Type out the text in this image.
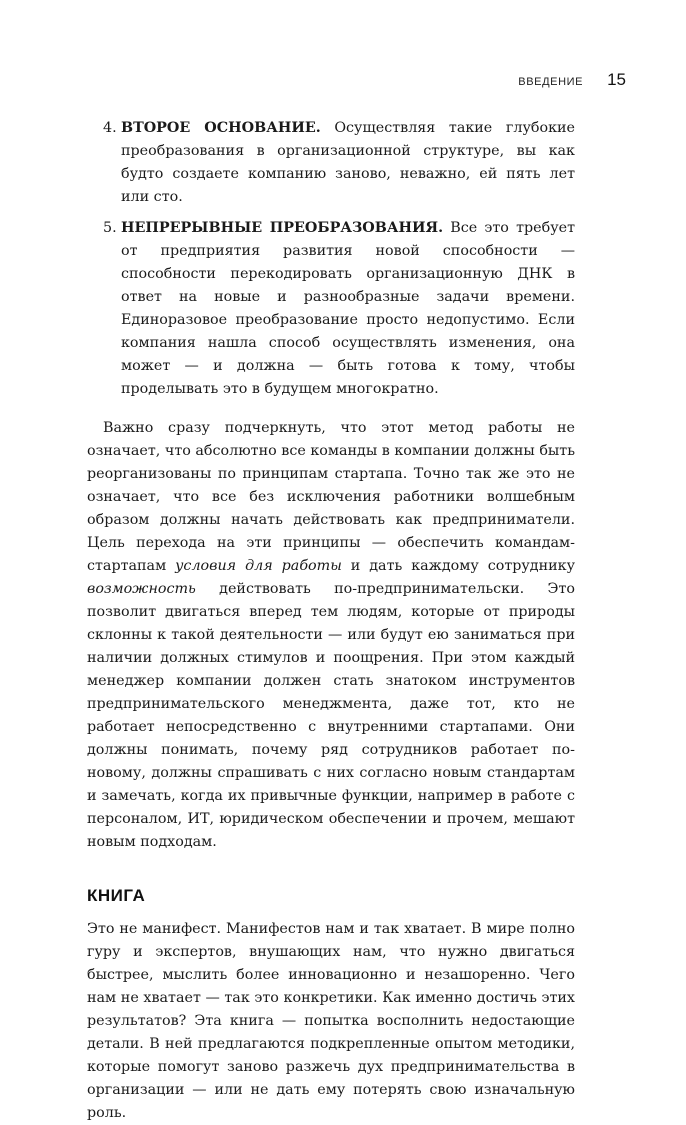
ВВЕДЕНИЕ 15
4. ВТОРОЕ ОСНОВАНИЕ. Осуществляя такие глубокие преобразования в организационной структуре, вы как будто создаете компанию заново, неважно, ей пять лет или сто.
5. НЕПРЕРЫВНЫЕ ПРЕОБРАЗОВАНИЯ. Все это требует от предприятия развития новой способности — способности перекодировать организационную ДНК в ответ на новые и разнообразные задачи времени. Единоразовое преобразование просто недопустимо. Если компания нашла способ осуществлять изменения, она может — и должна — быть готова к тому, чтобы проделывать это в будущем многократно.

Важно сразу подчеркнуть, что этот метод работы не означает, что абсолютно все команды в компании должны быть реорганизованы по принципам стартапа. Точно так же это не означает, что все без исключения работники волшебным образом должны начать действовать как предприниматели. Цель перехода на эти принципы — обеспечить командам-стартапам условия для работы и дать каждому сотруднику возможность действовать по-предпринимательски. Это позволит двигаться вперед тем людям, которые от природы склонны к такой деятельности — или будут ею заниматься при наличии должных стимулов и поощрения. При этом каждый менеджер компании должен стать знатоком инструментов предпринимательского менеджмента, даже тот, кто не работает непосредственно с внутренними стартапами. Они должны понимать, почему ряд сотрудников работает по-новому, должны спрашивать с них согласно новым стандартам и замечать, когда их привычные функции, например в работе с персоналом, ИТ, юридическом обеспечении и прочем, мешают новым подходам.

КНИГА

Это не манифест. Манифестов нам и так хватает. В мире полно гуру и экспертов, внушающих нам, что нужно двигаться быстрее, мыслить более инновационно и незашоренно. Чего нам не хватает — так это конкретики. Как именно достичь этих результатов? Эта книга — попытка восполнить недостающие детали. В ней предлагаются подкрепленные опытом методики, которые помогут заново разжечь дух предпринимательства в организации — или не дать ему потерять свою изначальную роль.
